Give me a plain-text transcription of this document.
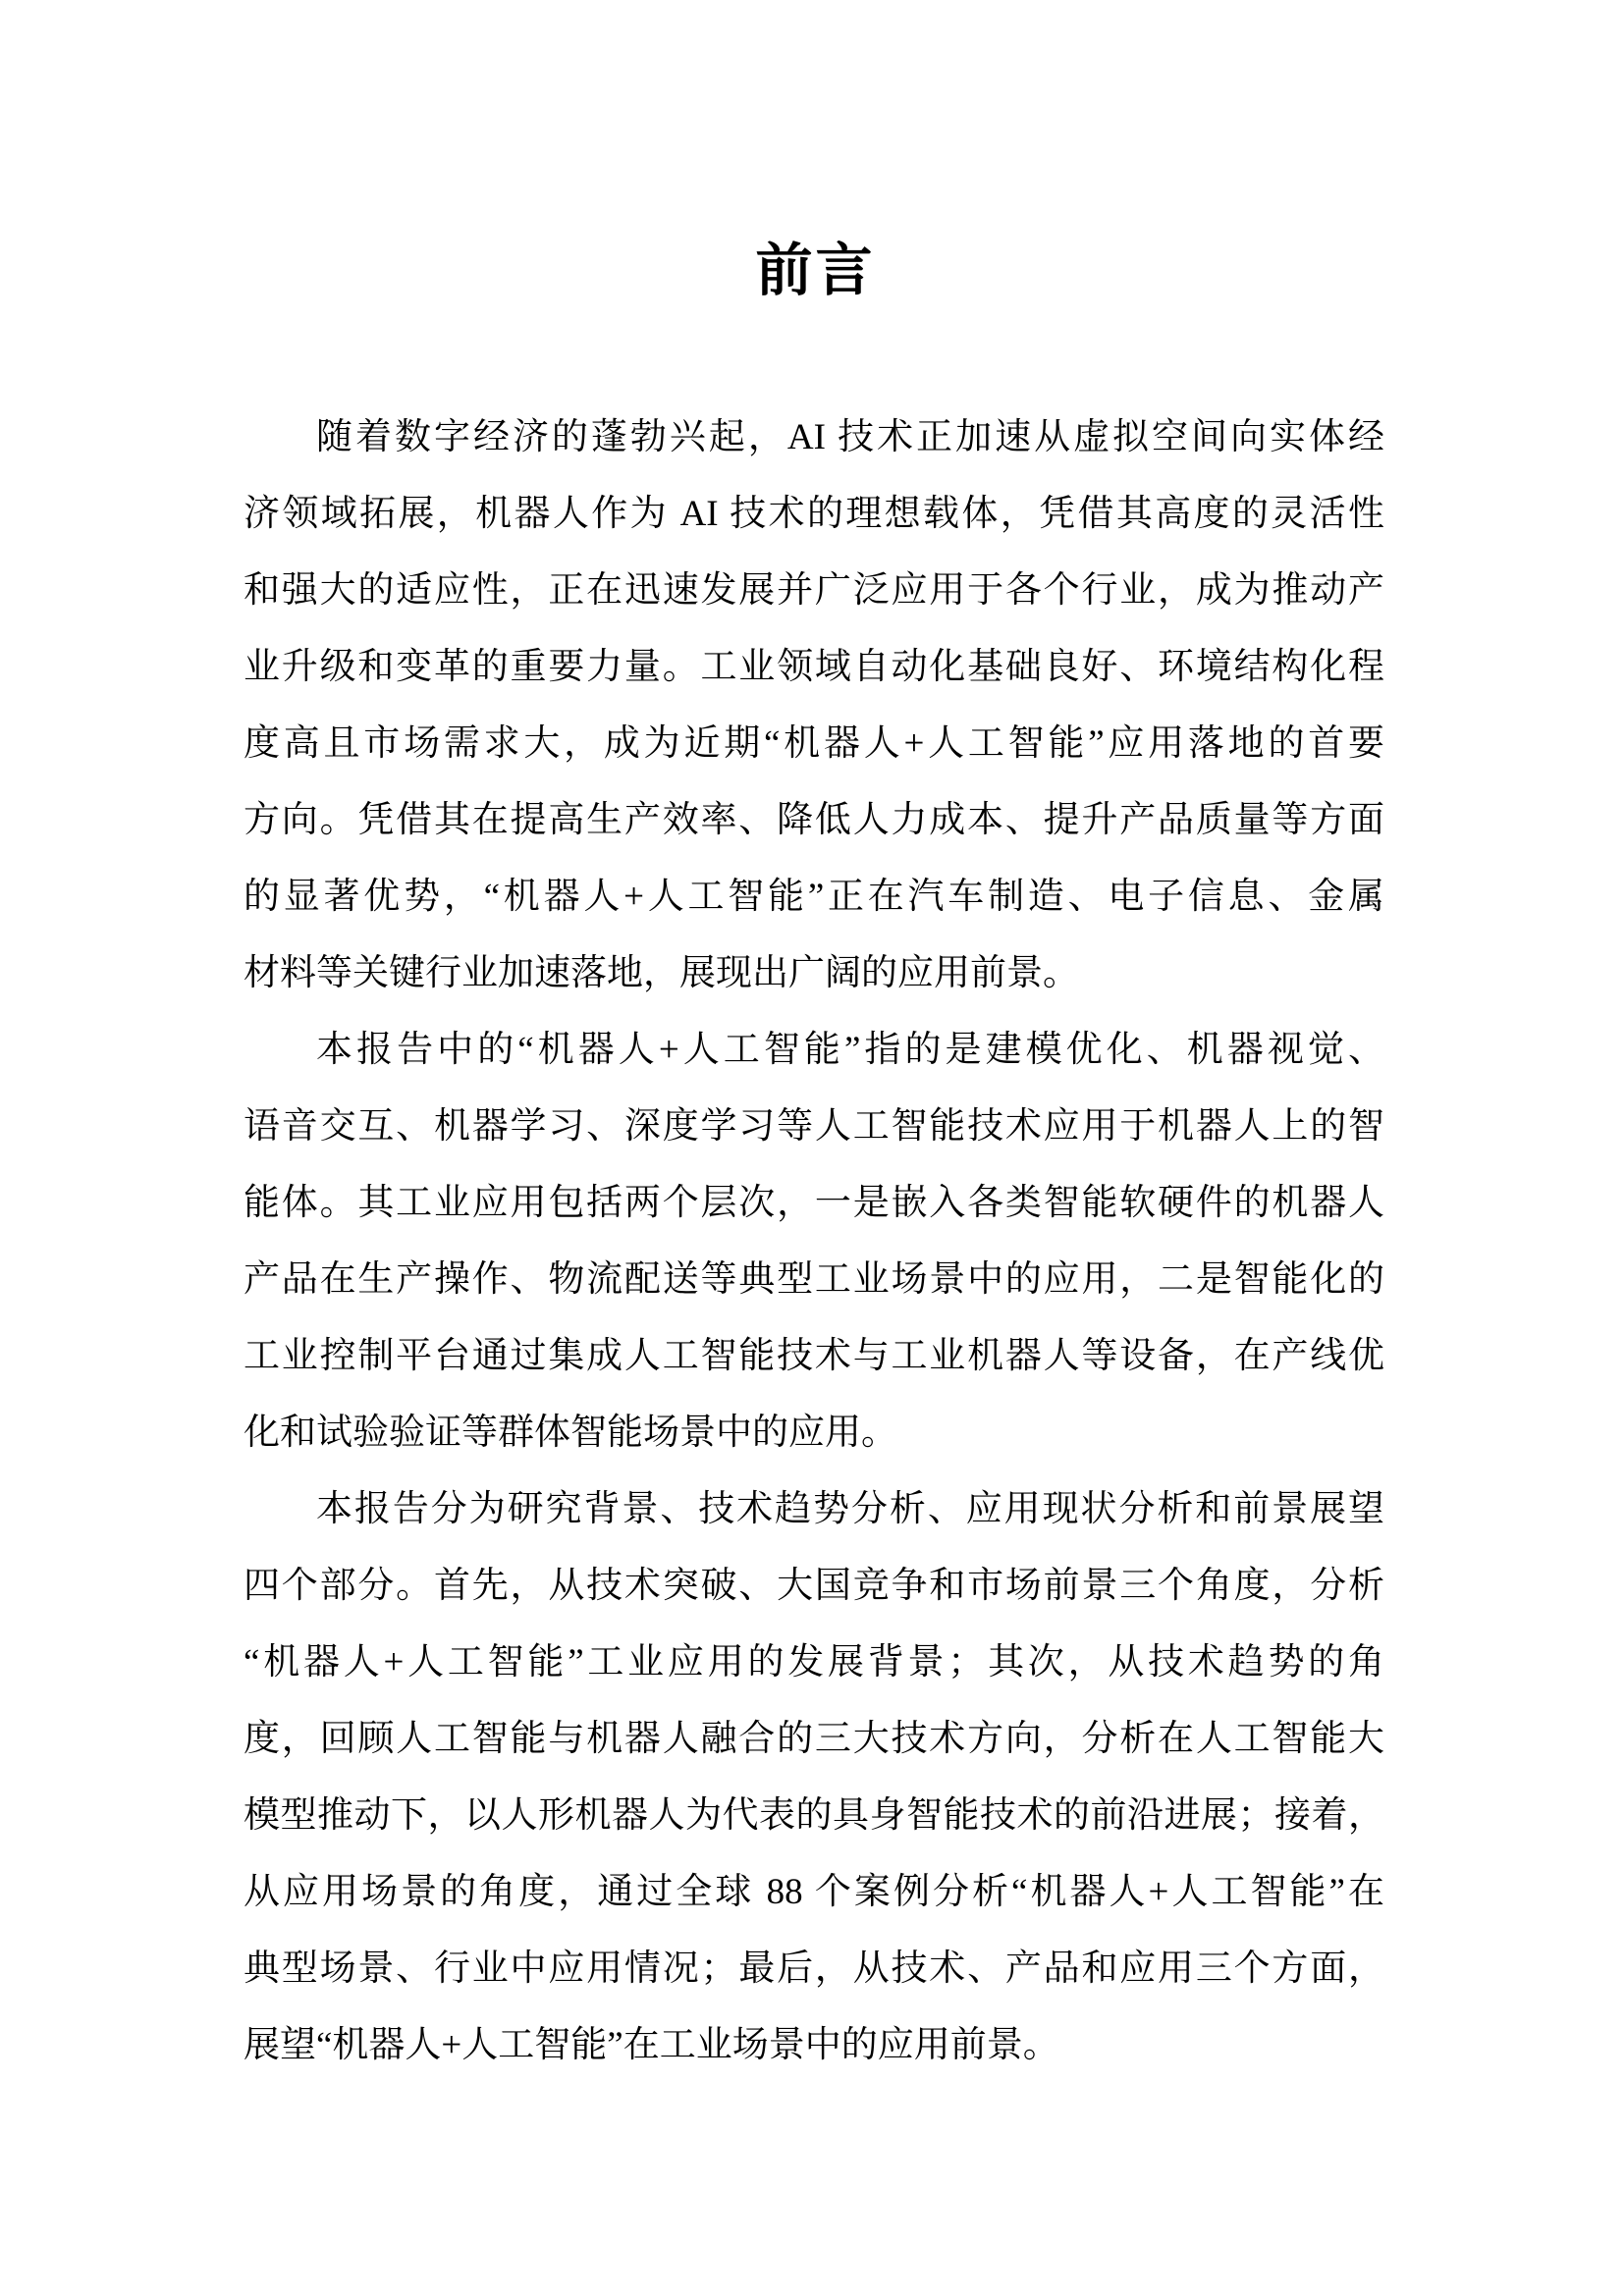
前言
随着数字经济的蓬勃兴起，AI 技术正加速从虚拟空间向实体经
济领域拓展，机器人作为 AI 技术的理想载体，凭借其高度的灵活性
和强大的适应性，正在迅速发展并广泛应用于各个行业，成为推动产
业升级和变革的重要力量。工业领域自动化基础良好、环境结构化程
度高且市场需求大，成为近期“机器人+人工智能”应用落地的首要
方向。凭借其在提高生产效率、降低人力成本、提升产品质量等方面
的显著优势，“机器人+人工智能”正在汽车制造、电子信息、金属
材料等关键行业加速落地，展现出广阔的应用前景。
本报告中的“机器人+人工智能”指的是建模优化、机器视觉、
语音交互、机器学习、深度学习等人工智能技术应用于机器人上的智
能体。其工业应用包括两个层次，一是嵌入各类智能软硬件的机器人
产品在生产操作、物流配送等典型工业场景中的应用，二是智能化的
工业控制平台通过集成人工智能技术与工业机器人等设备，在产线优
化和试验验证等群体智能场景中的应用。
本报告分为研究背景、技术趋势分析、应用现状分析和前景展望
四个部分。首先，从技术突破、大国竞争和市场前景三个角度，分析
“机器人+人工智能”工业应用的发展背景；其次，从技术趋势的角
度，回顾人工智能与机器人融合的三大技术方向，分析在人工智能大
模型推动下，以人形机器人为代表的具身智能技术的前沿进展；接着，
从应用场景的角度，通过全球 88 个案例分析“机器人+人工智能”在
典型场景、行业中应用情况；最后，从技术、产品和应用三个方面，
展望“机器人+人工智能”在工业场景中的应用前景。
